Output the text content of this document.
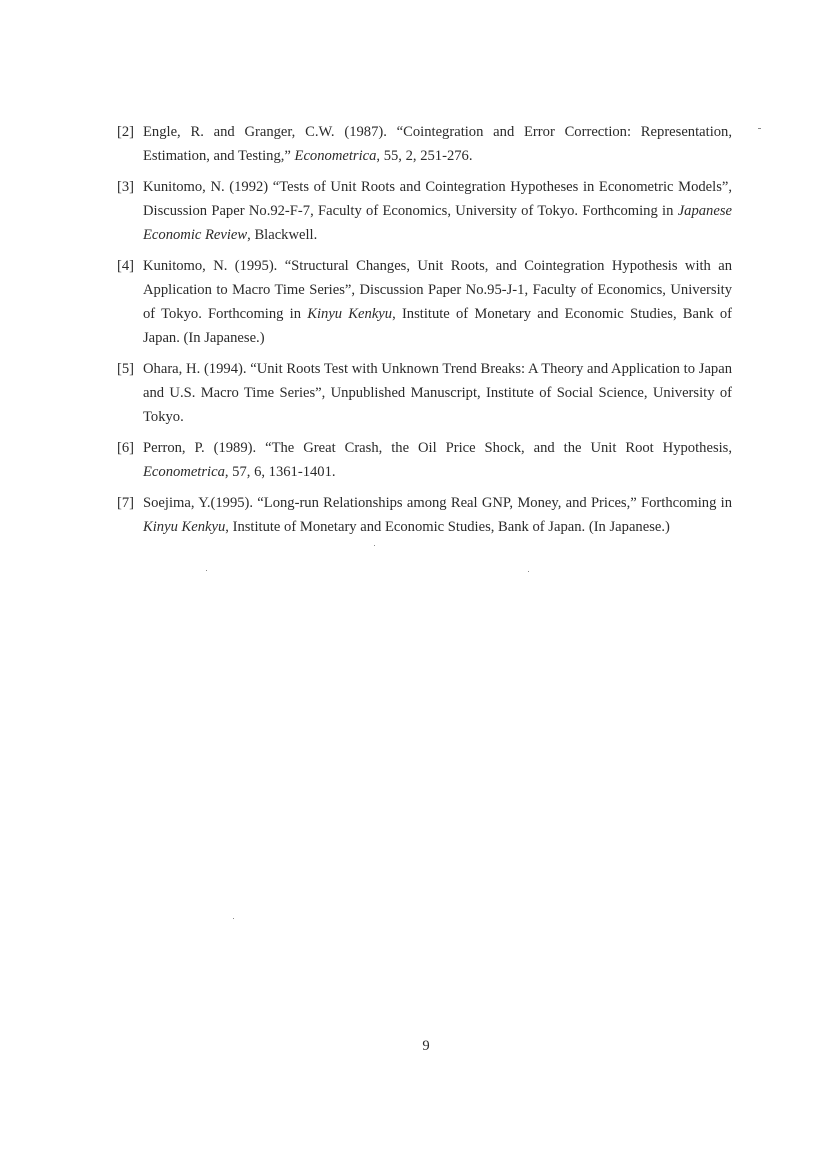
[2] Engle, R. and Granger, C.W. (1987). “Cointegration and Error Correction: Representation, Estimation, and Testing,” Econometrica, 55, 2, 251-276.
[3] Kunitomo, N. (1992) “Tests of Unit Roots and Cointegration Hypotheses in Econometric Models”, Discussion Paper No.92-F-7, Faculty of Economics, University of Tokyo. Forthcoming in Japanese Economic Review, Blackwell.
[4] Kunitomo, N. (1995). “Structural Changes, Unit Roots, and Cointegration Hypothesis with an Application to Macro Time Series”, Discussion Paper No.95-J-1, Faculty of Economics, University of Tokyo. Forthcoming in Kinyu Kenkyu, Institute of Monetary and Economic Studies, Bank of Japan. (In Japanese.)
[5] Ohara, H. (1994). “Unit Roots Test with Unknown Trend Breaks: A Theory and Application to Japan and U.S. Macro Time Series”, Unpublished Manuscript, Institute of Social Science, University of Tokyo.
[6] Perron, P. (1989). “The Great Crash, the Oil Price Shock, and the Unit Root Hypothesis, Econometrica, 57, 6, 1361-1401.
[7] Soejima, Y.(1995). “Long-run Relationships among Real GNP, Money, and Prices,” Forthcoming in Kinyu Kenkyu, Institute of Monetary and Economic Studies, Bank of Japan. (In Japanese.)
9
